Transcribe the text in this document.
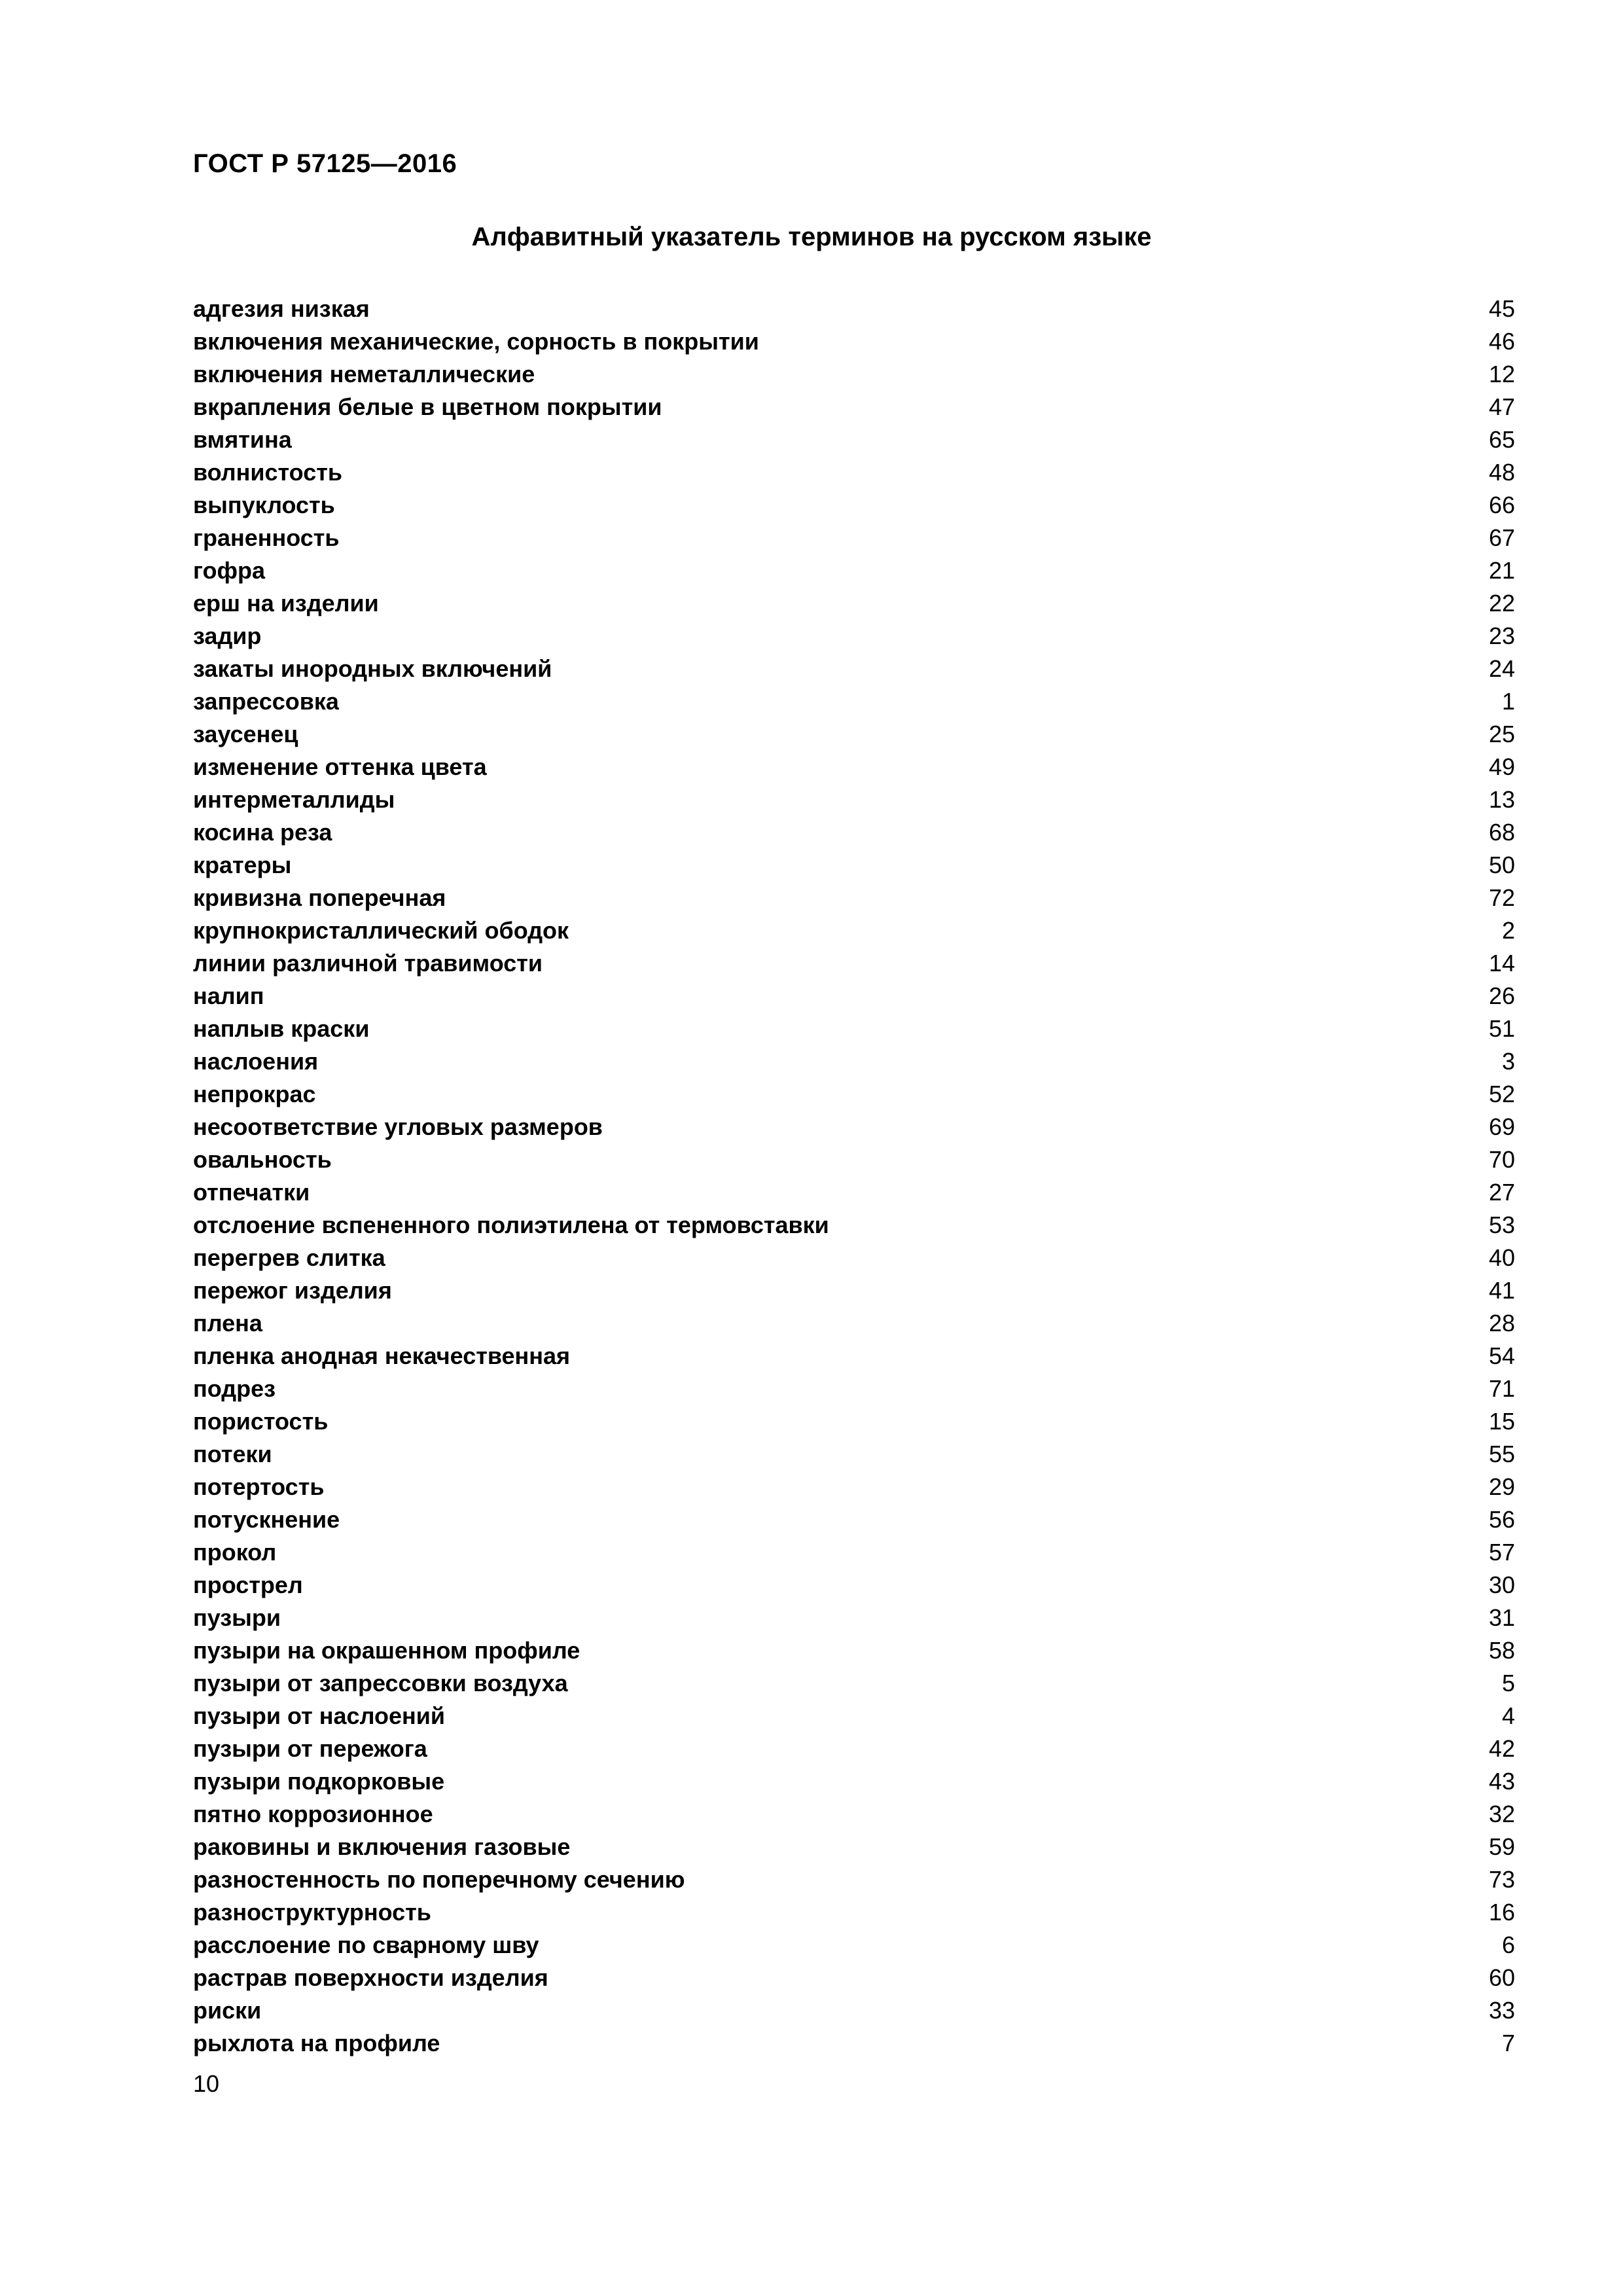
ГОСТ Р 57125—2016
Алфавитный указатель терминов на русском языке
адгезия низкая	45
включения механические, сорность в покрытии	46
включения неметаллические	12
вкрапления белые в цветном покрытии	47
вмятина	65
волнистость	48
выпуклость	66
граненность	67
гофра	21
ерш на изделии	22
задир	23
закаты инородных включений	24
запрессовка	1
заусенец	25
изменение оттенка цвета	49
интерметаллиды	13
косина реза	68
кратеры	50
кривизна поперечная	72
крупнокристаллический ободок	2
линии различной травимости	14
налип	26
наплыв краски	51
наслоения	3
непрокрас	52
несоответствие угловых размеров	69
овальность	70
отпечатки	27
отслоение вспененного полиэтилена от термовставки	53
перегрев слитка	40
пережог изделия	41
плена	28
пленка анодная некачественная	54
подрез	71
пористость	15
потеки	55
потертость	29
потускнение	56
прокол	57
прострел	30
пузыри	31
пузыри на окрашенном профиле	58
пузыри от запрессовки воздуха	5
пузыри от наслоений	4
пузыри от пережога	42
пузыри подкорковые	43
пятно коррозионное	32
раковины и включения газовые	59
разностенность по поперечному сечению	73
разноструктурность	16
расслоение по сварному шву	6
растрав поверхности изделия	60
риски	33
рыхлота на профиле	7
10
